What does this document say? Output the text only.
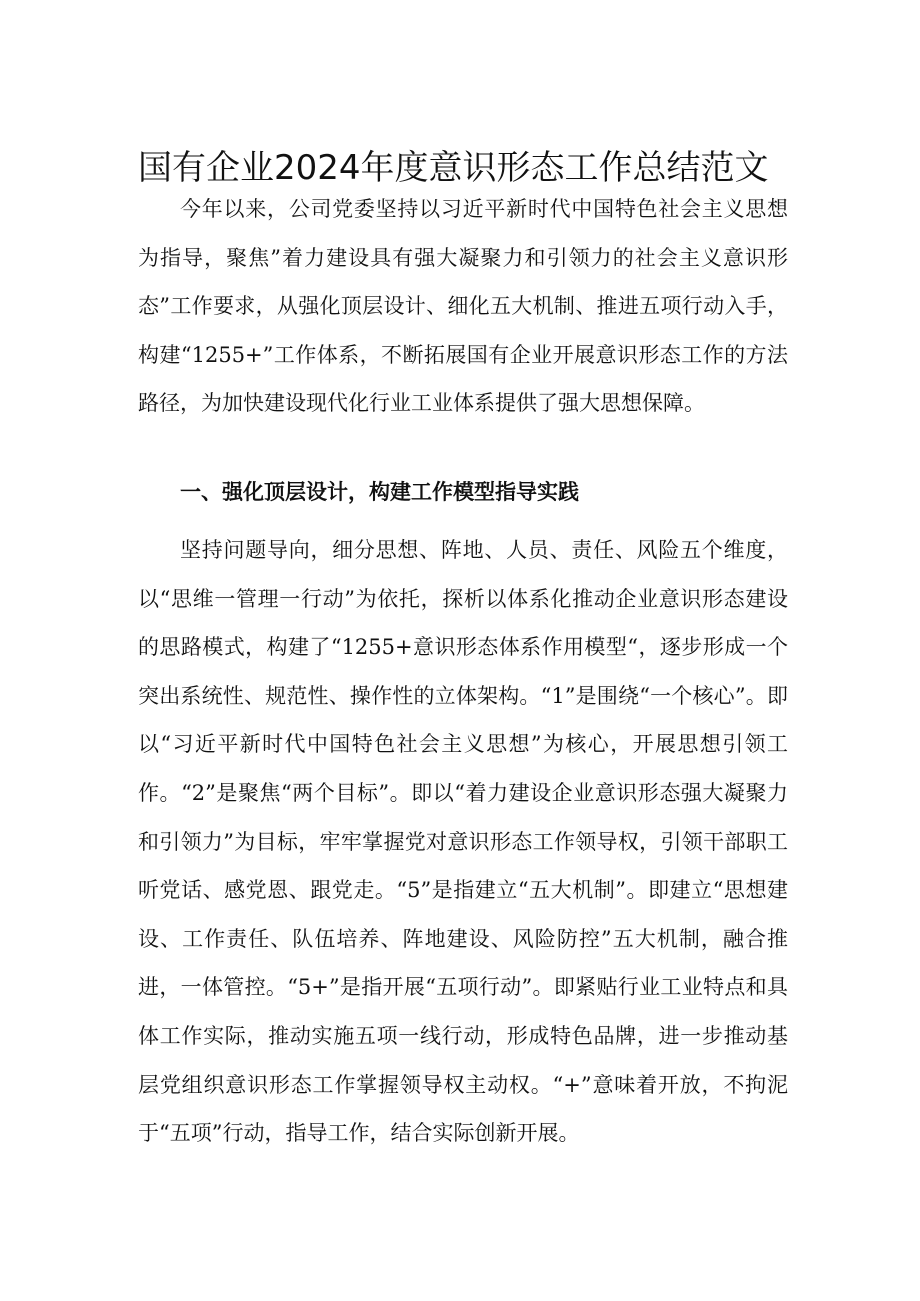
国有企业2024年度意识形态工作总结范文

今年以来，公司党委坚持以习近平新时代中国特色社会主义思想为指导，聚焦”着力建设具有强大凝聚力和引领力的社会主义意识形态”工作要求，从强化顶层设计、细化五大机制、推进五项行动入手，构建“1255+”工作体系，不断拓展国有企业开展意识形态工作的方法路径，为加快建设现代化行业工业体系提供了强大思想保障。

一、强化顶层设计，构建工作模型指导实践

坚持问题导向，细分思想、阵地、人员、责任、风险五个维度，以“思维一管理一行动”为依托，探析以体系化推动企业意识形态建设的思路模式，构建了“1255+意识形态体系作用模型“，逐步形成一个突出系统性、规范性、操作性的立体架构。“1”是围绕“一个核心”。即以“习近平新时代中国特色社会主义思想”为核心，开展思想引领工作。“2”是聚焦“两个目标”。即以“着力建设企业意识形态强大凝聚力和引领力”为目标，牢牢掌握党对意识形态工作领导权，引领干部职工听党话、感党恩、跟党走。“5”是指建立“五大机制”。即建立“思想建设、工作责任、队伍培养、阵地建设、风险防控”五大机制，融合推进，一体管控。“5+”是指开展“五项行动”。即紧贴行业工业特点和具体工作实际，推动实施五项一线行动，形成特色品牌，进一步推动基层党组织意识形态工作掌握领导权主动权。“+”意味着开放，不拘泥于“五项”行动，指导工作，结合实际创新开展。
